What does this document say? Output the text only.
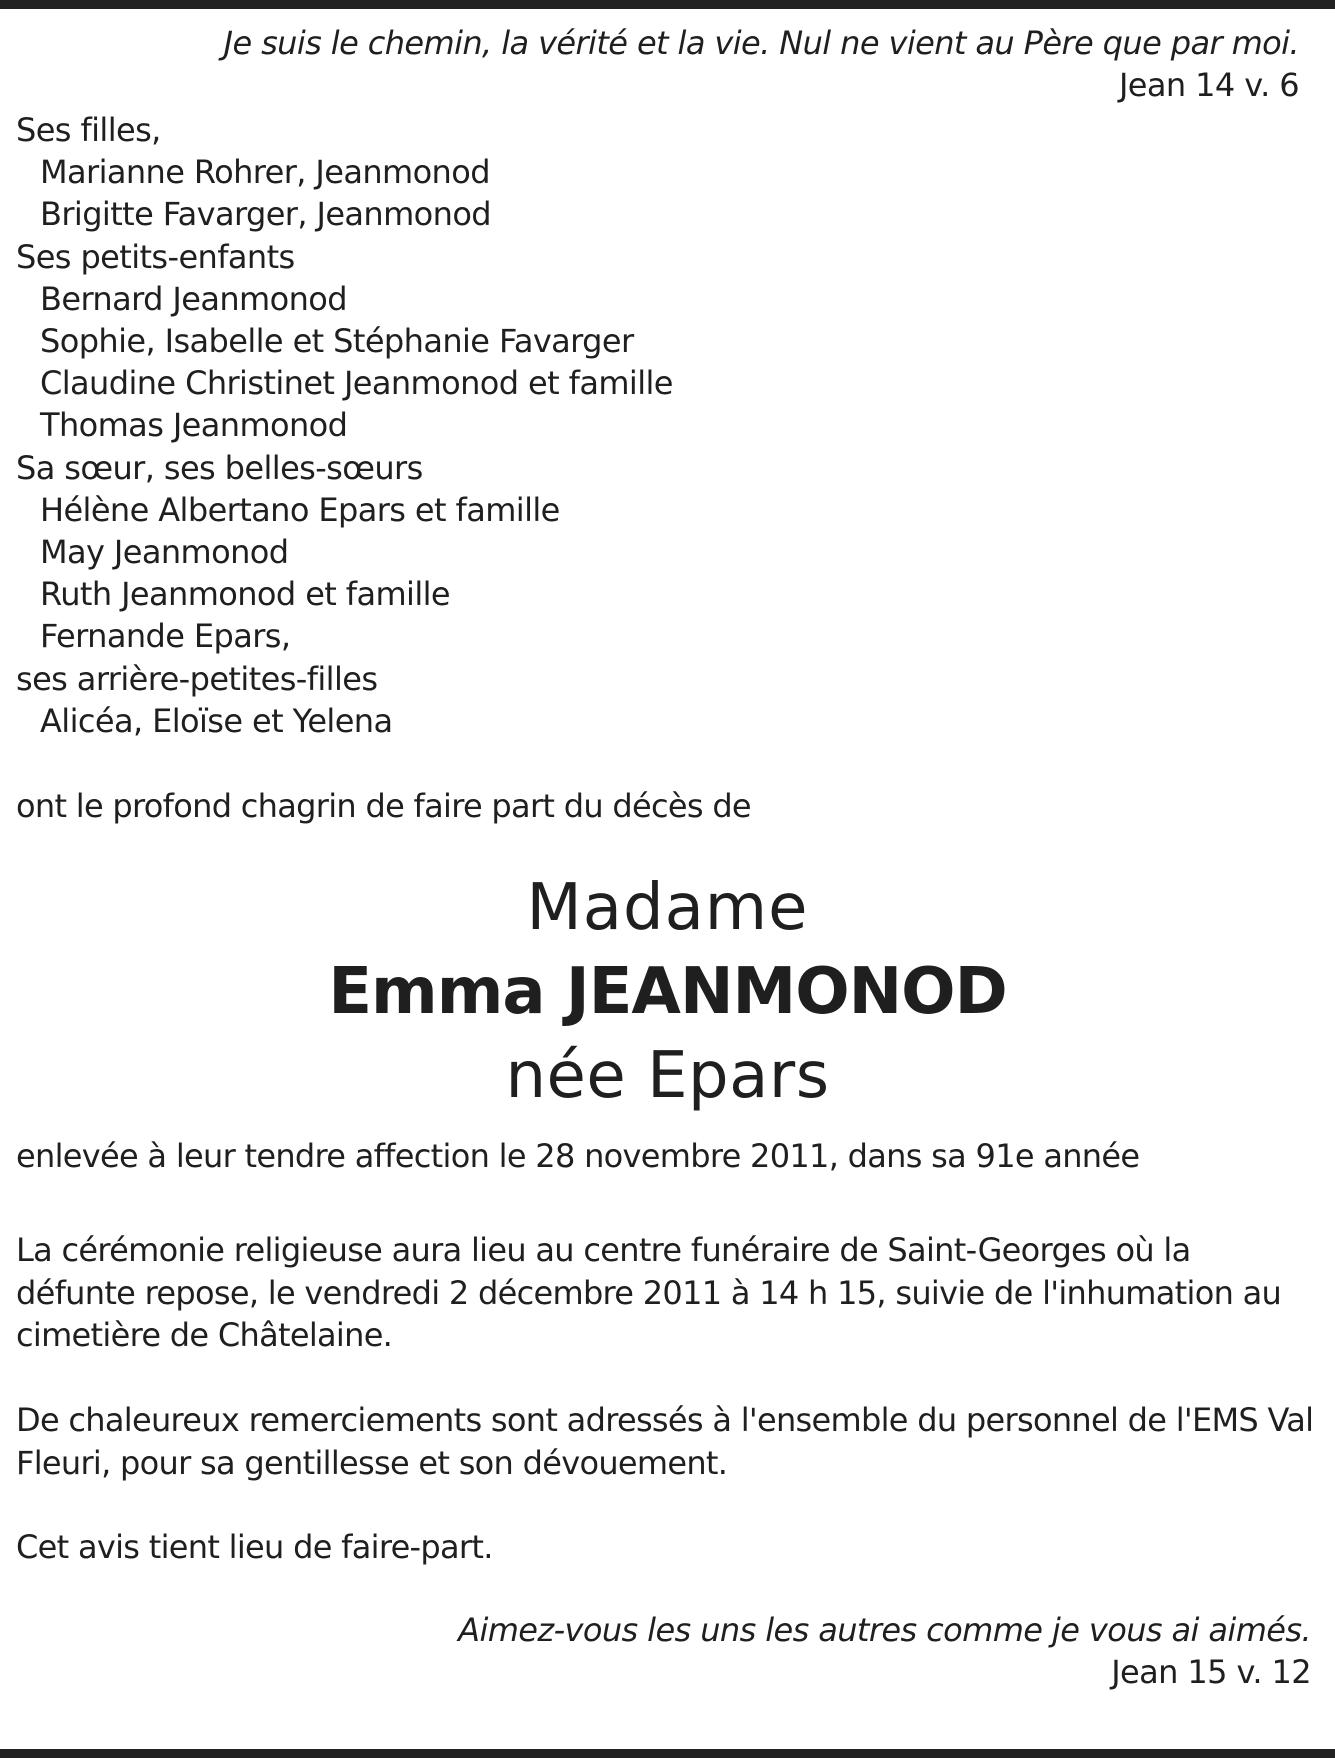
Je suis le chemin, la vérité et la vie. Nul ne vient au Père que par moi.
Jean 14 v. 6
Ses filles,
Marianne Rohrer, Jeanmonod
Brigitte Favarger, Jeanmonod
Ses petits-enfants
Bernard Jeanmonod
Sophie, Isabelle et Stéphanie Favarger
Claudine Christinet Jeanmonod et famille
Thomas Jeanmonod
Sa sœur, ses belles-sœurs
Hélène Albertano Epars et famille
May Jeanmonod
Ruth Jeanmonod et famille
Fernande Epars,
ses arrière-petites-filles
Alicéa, Eloïse et Yelena
ont le profond chagrin de faire part du décès de
Madame
Emma JEANMONOD
née Epars
enlevée à leur tendre affection le 28 novembre 2011, dans sa 91e année
La cérémonie religieuse aura lieu au centre funéraire de Saint-Georges où la défunte repose, le vendredi 2 décembre 2011 à 14 h 15, suivie de l'inhumation au cimetière de Châtelaine.
De chaleureux remerciements sont adressés à l'ensemble du personnel de l'EMS Val Fleuri, pour sa gentillesse et son dévouement.
Cet avis tient lieu de faire-part.
Aimez-vous les uns les autres comme je vous ai aimés.
Jean 15 v. 12
